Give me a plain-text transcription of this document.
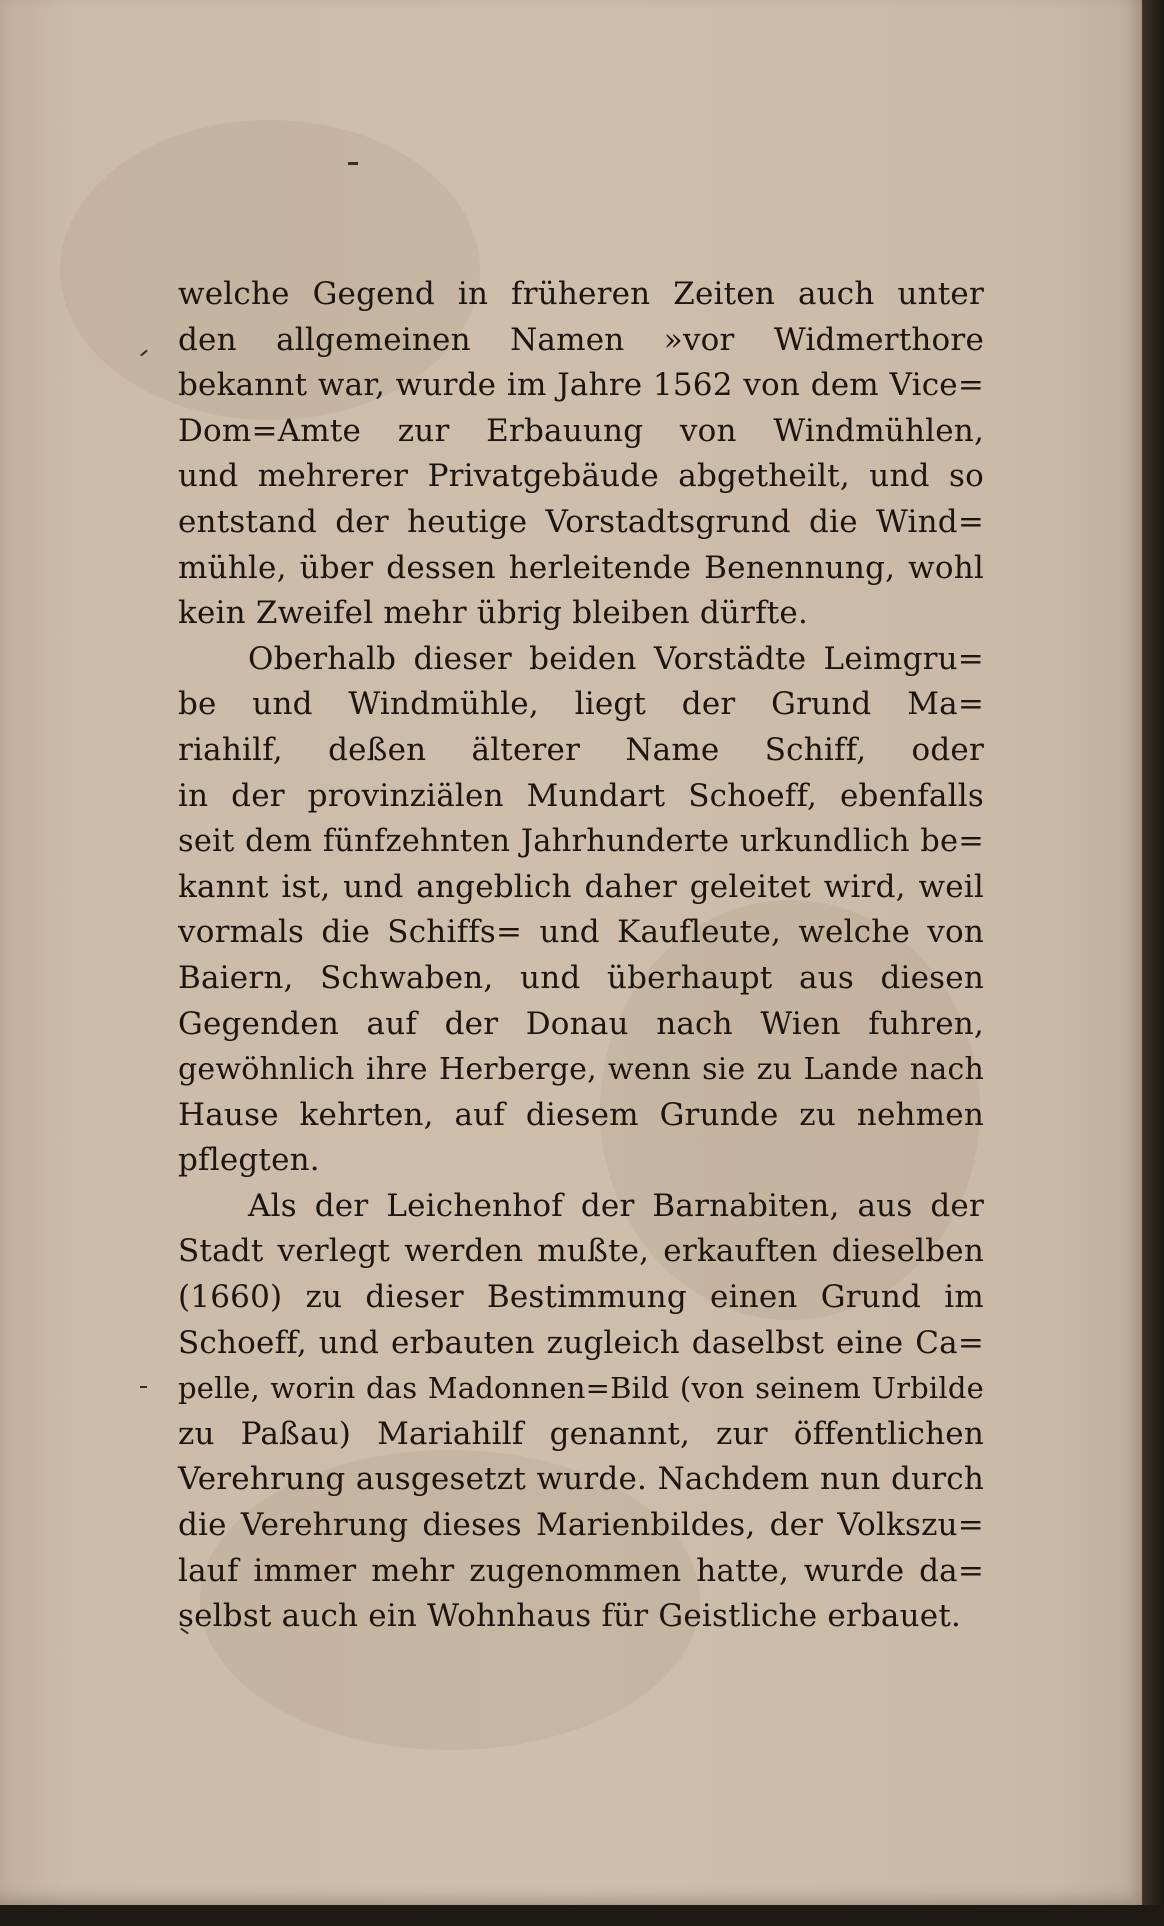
welche Gegend in früheren Zeiten auch unter
den allgemeinen Namen »vor Widmerthore
bekannt war, wurde im Jahre 1562 von dem Vice=
Dom=Amte zur Erbauung von Windmühlen,
und mehrerer Privatgebäude abgetheilt, und so
entstand der heutige Vorstadtsgrund die Wind=
mühle, über dessen herleitende Benennung, wohl
kein Zweifel mehr übrig bleiben dürfte.
Oberhalb dieser beiden Vorstädte Leimgru=
be und Windmühle, liegt der Grund Ma=
riahilf, deßen älterer Name Schiff, oder
in der provinziälen Mundart Schoeff, ebenfalls
seit dem fünfzehnten Jahrhunderte urkundlich be=
kannt ist, und angeblich daher geleitet wird, weil
vormals die Schiffs= und Kaufleute, welche von
Baiern, Schwaben, und überhaupt aus diesen
Gegenden auf der Donau nach Wien fuhren,
gewöhnlich ihre Herberge, wenn sie zu Lande nach
Hause kehrten, auf diesem Grunde zu nehmen
pflegten.
Als der Leichenhof der Barnabiten, aus der
Stadt verlegt werden mußte, erkauften dieselben
(1660) zu dieser Bestimmung einen Grund im
Schoeff, und erbauten zugleich daselbst eine Ca=
pelle, worin das Madonnen=Bild (von seinem Urbilde
zu Paßau) Mariahilf genannt, zur öffentlichen
Verehrung ausgesetzt wurde. Nachdem nun durch
die Verehrung dieses Marienbildes, der Volkszu=
lauf immer mehr zugenommen hatte, wurde da=
selbst auch ein Wohnhaus für Geistliche erbauet.
